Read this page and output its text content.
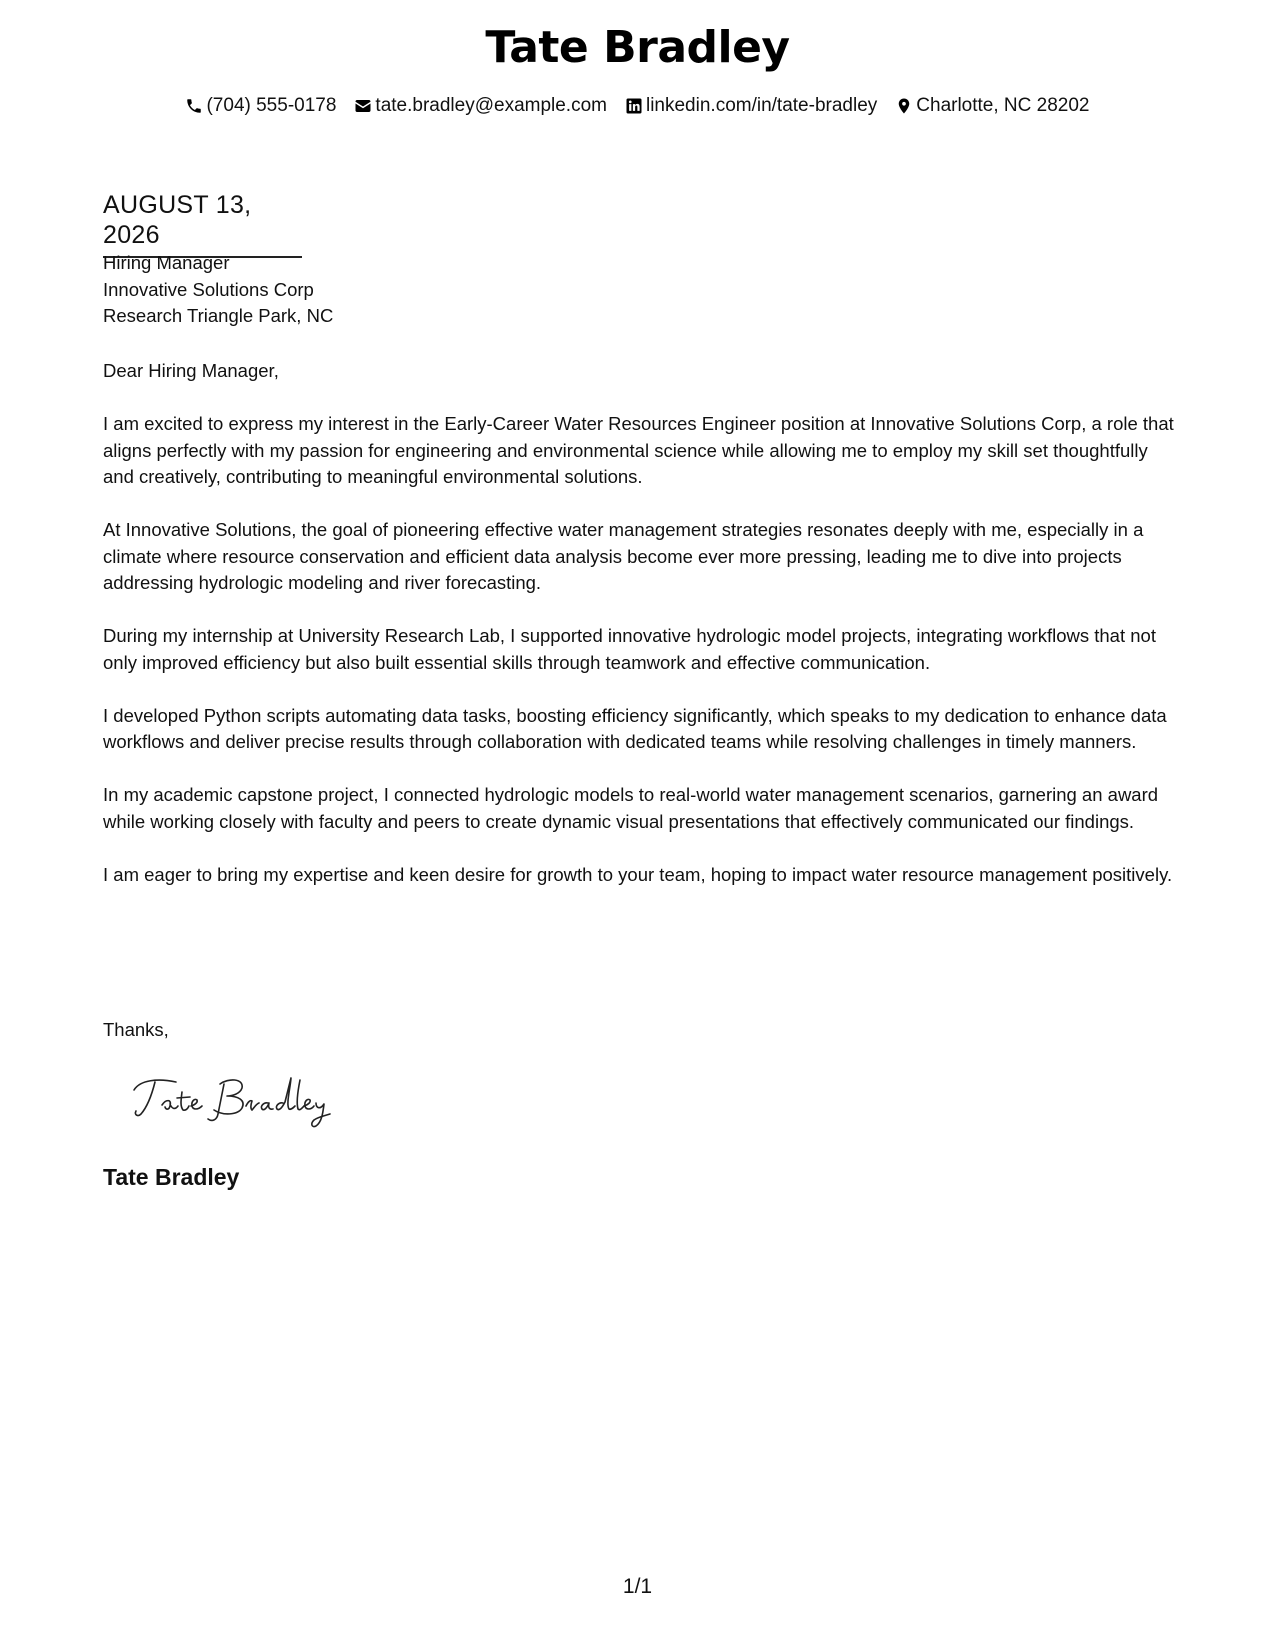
Tate Bradley
(704) 555-0178 tate.bradley@example.com linkedin.com/in/tate-bradley Charlotte, NC 28202
AUGUST 13, 2026
Hiring Manager
Innovative Solutions Corp
Research Triangle Park, NC

Dear Hiring Manager,

I am excited to express my interest in the Early-Career Water Resources Engineer position at Innovative Solutions Corp, a role that aligns perfectly with my passion for engineering and environmental science while allowing me to employ my skill set thoughtfully and creatively, contributing to meaningful environmental solutions.

At Innovative Solutions, the goal of pioneering effective water management strategies resonates deeply with me, especially in a climate where resource conservation and efficient data analysis become ever more pressing, leading me to dive into projects addressing hydrologic modeling and river forecasting.

During my internship at University Research Lab, I supported innovative hydrologic model projects, integrating workflows that not only improved efficiency but also built essential skills through teamwork and effective communication.

I developed Python scripts automating data tasks, boosting efficiency significantly, which speaks to my dedication to enhance data workflows and deliver precise results through collaboration with dedicated teams while resolving challenges in timely manners.

In my academic capstone project, I connected hydrologic models to real-world water management scenarios, garnering an award while working closely with faculty and peers to create dynamic visual presentations that effectively communicated our findings.

I am eager to bring my expertise and keen desire for growth to your team, hoping to impact water resource management positively.

Thanks,
Tate Bradley
1/1
